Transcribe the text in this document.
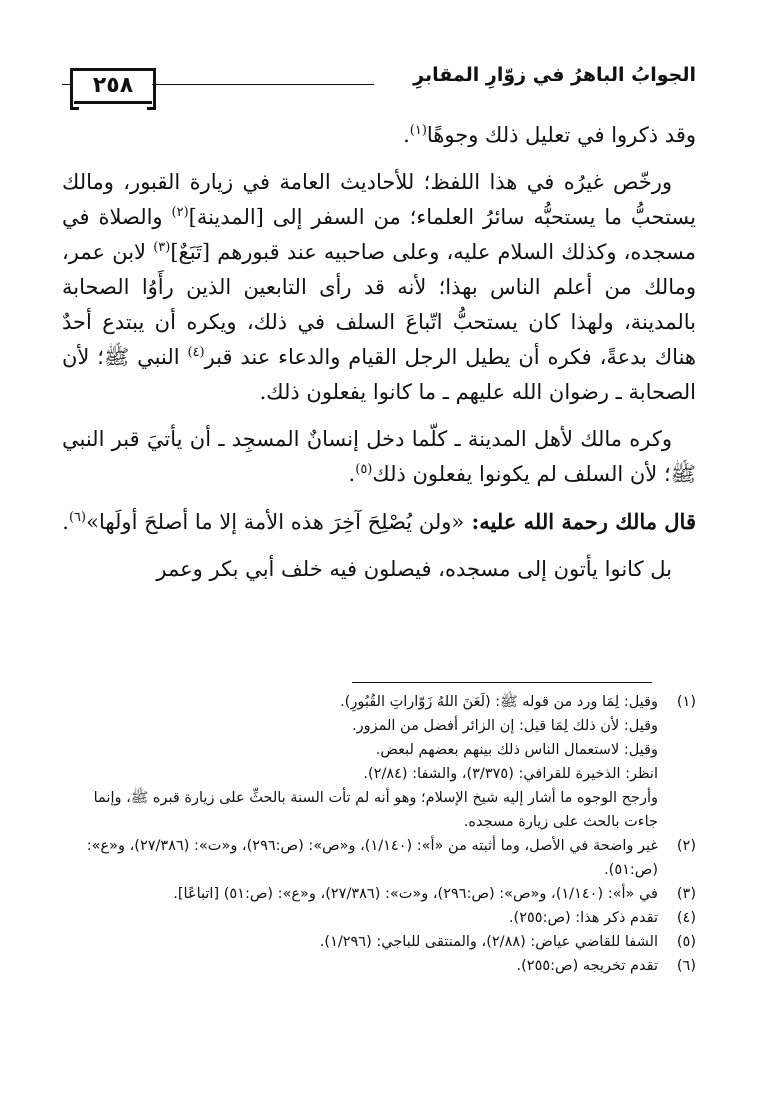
الجوابُ الباهرُ في زوّارِ المقابرِ
٢٥٨

وقد ذكروا في تعليل ذلك وجوهًا$^{(١)}$.

ورخّص غيرُه في هذا اللفظ؛ للأحاديث العامة في زيارة القبور، ومالك يستحبُّ ما يستحبُّه سائرُ العلماء؛ من السفر إلى [المدينة]$^{(٢)}$ والصلاة في مسجده، وكذلك السلام عليه، وعلى صاحبيه عند قبورهم [تَبَعٌ]$^{(٣)}$ لابن عمر، ومالك من أعلم الناس بهذا؛ لأنه قد رأى التابعين الذين رأَوُا الصحابة بالمدينة، ولهذا كان يستحبُّ اتّباعَ السلف في ذلك، ويكره أن يبتدع أحدٌ هناك بدعةً، فكره أن يطيل الرجل القيام والدعاء عند قبر$^{(٤)}$ النبي ﷺ؛ لأن الصحابة ـ رضوان الله عليهم ـ ما كانوا يفعلون ذلك.

وكره مالك لأهل المدينة ـ كلّما دخل إنسانٌ المسجِد ـ أن يأتيَ قبر النبي ﷺ؛ لأن السلف لم يكونوا يفعلون ذلك$^{(٥)}$.

قال مالك رحمة الله عليه: «ولن يُصْلِحَ آخِرَ هذه الأمة إلا ما أصلحَ أولَها»$^{(٦)}$.

بل كانوا يأتون إلى مسجده، فيصلون فيه خلف أبي بكر وعمر

(١)

وقيل: لِمَا ورد من قوله ﷺ: (لَعَنَ اللهُ زَوّاراتِ القُبُورِ).

وقيل: لأن ذلك لِمَا قيل: إن الزائر أفضل من المزور.

وقيل: لاستعمال الناس ذلك بينهم بعضهم لبعض.

انظر: الذخيرة للقرافي: (٣/٣٧٥)، والشفا: (٢/٨٤).

وأرجح الوجوه ما أشار إليه شيخ الإسلام؛ وهو أنه لم تأت السنة بالحثِّ على زيارة قبره ﷺ، وإنما جاءت بالحث على زيارة مسجده.

(٢)

غير واضحة في الأصل، وما أثبته من «أ»: (١/١٤٠)، و«ص»: (ص:٢٩٦)، و«ت»: (٢٧/٣٨٦)، و«ع»: (ص:٥١).

(٣)

في «أ»: (١/١٤٠)، و«ص»: (ص:٢٩٦)، و«ت»: (٢٧/٣٨٦)، و«ع»: (ص:٥١) [اتباعًا].

(٤)

تقدم ذكر هذا: (ص:٢٥٥).

(٥)

الشفا للقاضي عياض: (٢/٨٨)، والمنتقى للباجي: (١/٢٩٦).

(٦)

تقدم تخريجه (ص:٢٥٥).
